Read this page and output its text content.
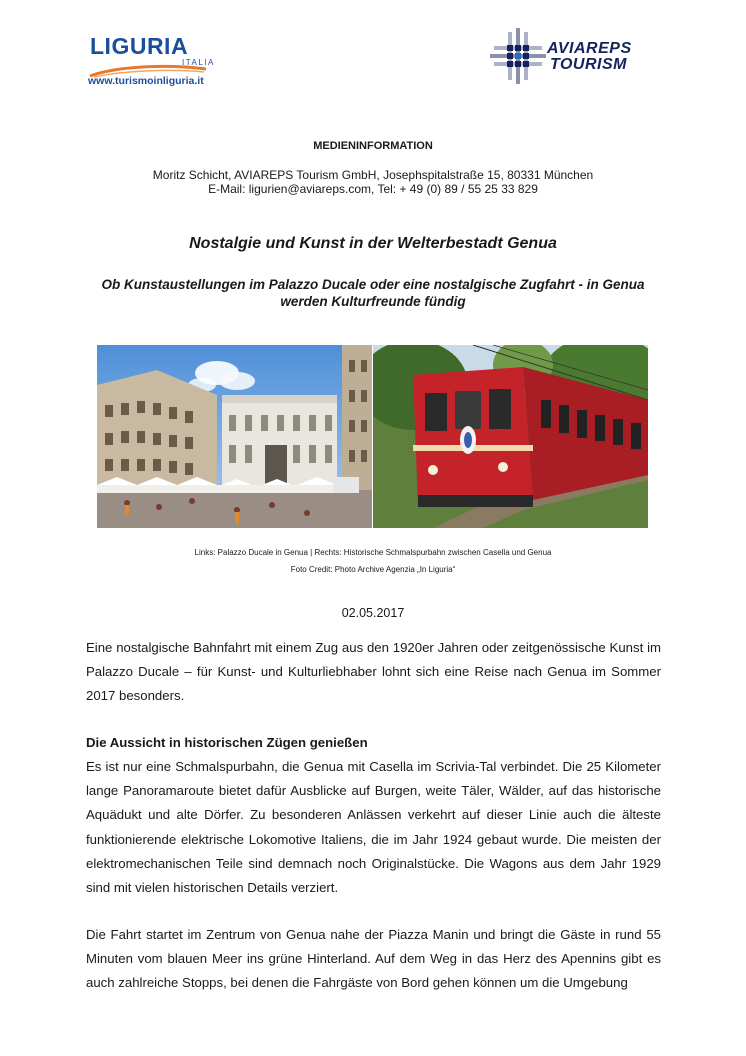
LIGURIA
ITALIA
www.turismoinliguria.it
AVIAREPS
TOURISM
MEDIENINFORMATION
Moritz Schicht, AVIAREPS Tourism GmbH, Josephspitalstraße 15, 80331 München
E-Mail: ligurien@aviareps.com, Tel: + 49 (0) 89 / 55 25 33 829
Nostalgie und Kunst in der Welterbestadt Genua
Ob Kunstaustellungen im Palazzo Ducale oder eine nostalgische Zugfahrt - in Genua werden Kulturfreunde fündig
Links: Palazzo Ducale in Genua | Rechts: Historische Schmalspurbahn zwischen Casella und Genua
Foto Credit: Photo Archive Agenzia „In Liguria“
02.05.2017
Eine nostalgische Bahnfahrt mit einem Zug aus den 1920er Jahren oder zeitgenössische Kunst im Palazzo Ducale – für Kunst- und Kulturliebhaber lohnt sich eine Reise nach Genua im Sommer 2017 besonders.
Die Aussicht in historischen Zügen genießen
Es ist nur eine Schmalspurbahn, die Genua mit Casella im Scrivia-Tal verbindet. Die 25 Kilometer lange Panoramaroute bietet dafür Ausblicke auf Burgen, weite Täler, Wälder, auf das historische Aquädukt und alte Dörfer. Zu besonderen Anlässen verkehrt auf dieser Linie auch die älteste funktionierende elektrische Lokomotive Italiens, die im Jahr 1924 gebaut wurde. Die meisten der elektromechanischen Teile sind demnach noch Originalstücke. Die Wagons aus dem Jahr 1929 sind mit vielen historischen Details verziert.
Die Fahrt startet im Zentrum von Genua nahe der Piazza Manin und bringt die Gäste in rund 55 Minuten vom blauen Meer ins grüne Hinterland. Auf dem Weg in das Herz des Apennins gibt es auch zahlreiche Stopps, bei denen die Fahrgäste von Bord gehen können um die Umgebung
